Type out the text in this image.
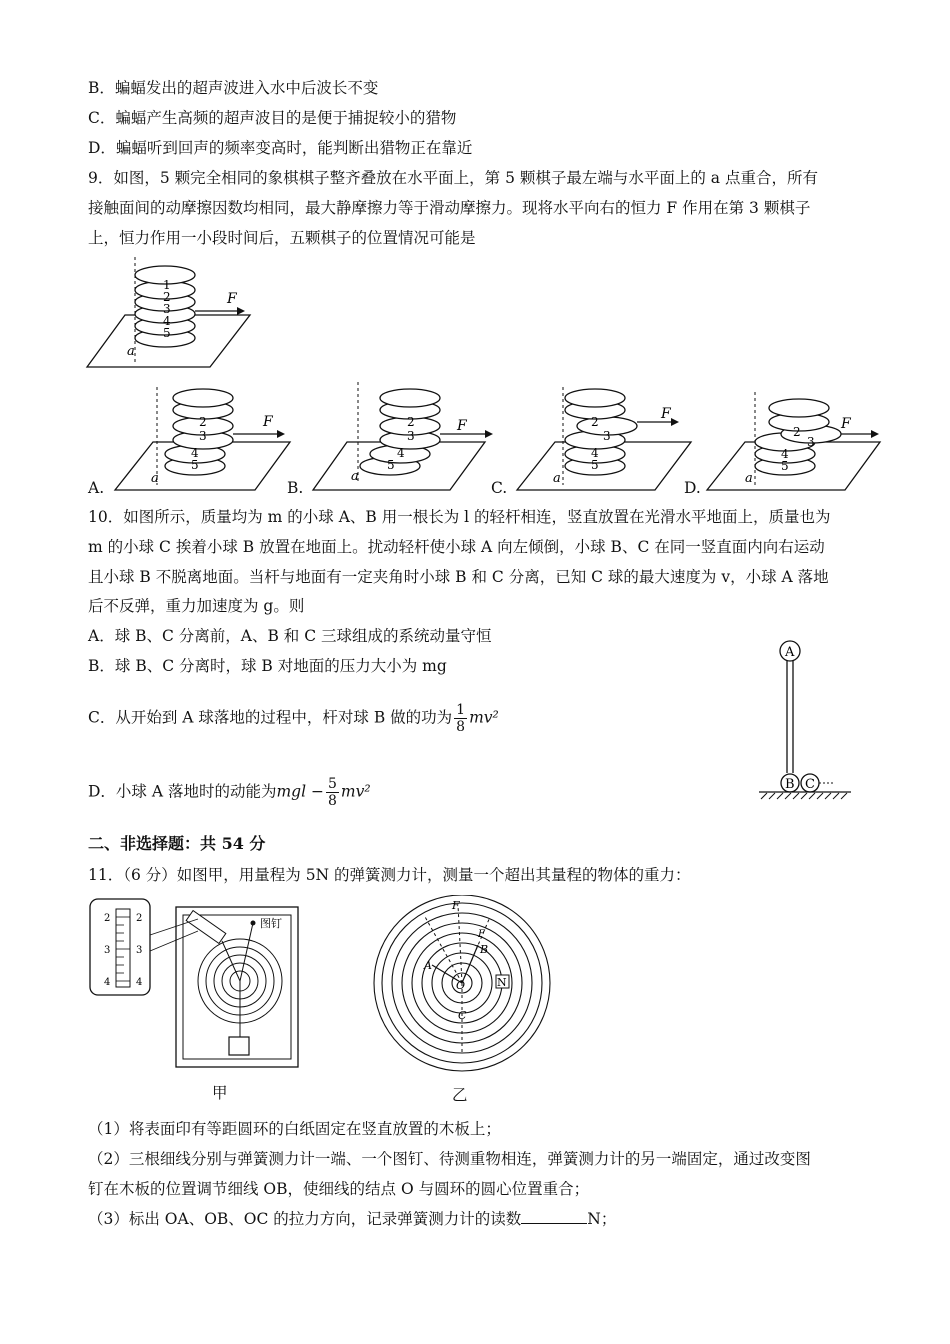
B．蝙蝠发出的超声波进入水中后波长不变
C．蝙蝠产生高频的超声波目的是便于捕捉较小的猎物
D．蝙蝠听到回声的频率变高时，能判断出猎物正在靠近
9．如图，5 颗完全相同的象棋棋子整齐叠放在水平面上，第 5 颗棋子最左端与水平面上的 a 点重合，所有
接触面间的动摩擦因数均相同，最大静摩擦力等于滑动摩擦力。现将水平向右的恒力 F 作用在第 3 颗棋子
上，恒力作用一小段时间后，五颗棋子的位置情况可能是
F
a
1
2
3
4
5
F
a
2
3
4
5
F
a
2
3
4
5
F
a
2
3
4
5
F
a
2
3
4
5
A.	B.	C.	D.
10．如图所示，质量均为 m 的小球 A、B 用一根长为 l 的轻杆相连，竖直放置在光滑水平地面上，质量也为
m 的小球 C 挨着小球 B 放置在地面上。扰动轻杆使小球 A 向左倾倒，小球 B、C 在同一竖直面内向右运动
且小球 B 不脱离地面。当杆与地面有一定夹角时小球 B 和 C 分离，已知 C 球的最大速度为 v，小球 A 落地
后不反弹，重力加速度为 g。则
A．球 B、C 分离前，A、B 和 C 三球组成的系统动量守恒
B．球 B、C 分离时，球 B 对地面的压力大小为 mg
C．从开始到 A 球落地的过程中，杆对球 B 做的功为 $\frac{1}{8} mv^2$
D．小球 A 落地时的动能为mgl − $\frac{5}{8} mv^2$
A
B C
二、非选择题：共 54 分
11．（6 分）如图甲，用量程为 5N 的弹簧测力计，测量一个超出其量程的物体的重力：
2	2
3	3
4	4
图钉
甲
F
F
B
A
O
C
N
乙
（1）将表面印有等距圆环的白纸固定在竖直放置的木板上；
（2）三根细线分别与弹簧测力计一端、一个图钉、待测重物相连，弹簧测力计的另一端固定，通过改变图
钉在木板的位置调节细线 OB，使细线的结点 O 与圆环的圆心位置重合；
（3）标出 OA、OB、OC 的拉力方向，记录弹簧测力计的读数	N；
